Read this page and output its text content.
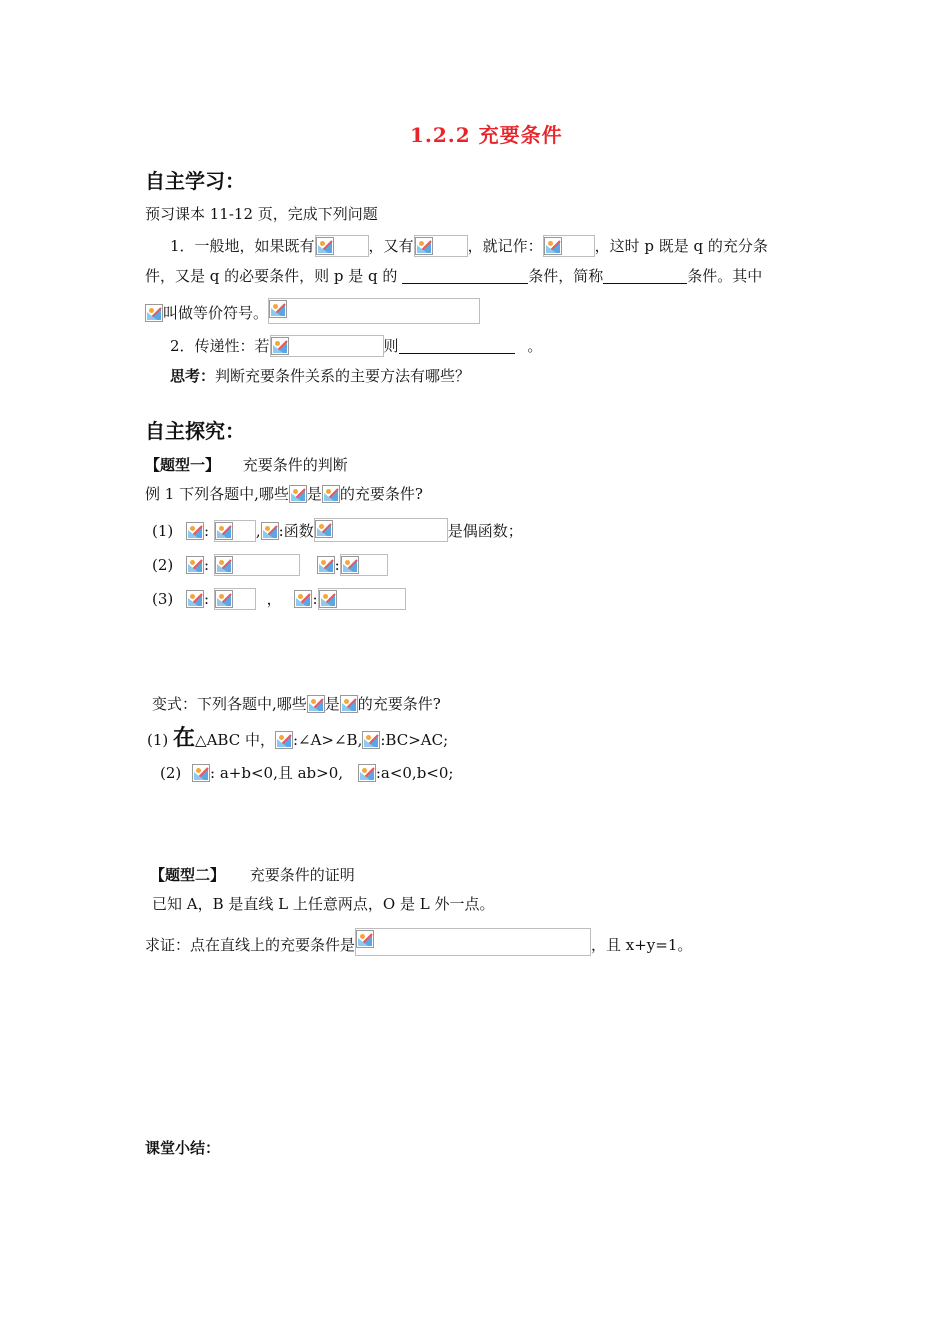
1.2.2 充要条件
自主学习：
预习课本 11-12 页，完成下列问题
1．一般地，如果既有	，又有	，就记作：	，这时 p 既是 q 的充分条
件，又是 q 的必要条件，则 p 是 q 的	条件，简称	条件。其中
叫做等价符号。
2．传递性：若	则	。
思考：判断充要条件关系的主要方法有哪些？
自主探究：
【题型一】 充要条件的判断
例 1 下列各题中,哪些 是 的充要条件?
(1) :	, :函数	是偶函数；
(2) :
	:
(3) :	， :
变式：下列各题中,哪些 是 的充要条件?
(1) 在△ABC 中， :∠A>∠B, :BC>AC;
(2) : a+b<0,且 ab>0, :a<0,b<0;
【题型二】 充要条件的证明
已知 A，B 是直线 L 上任意两点，O 是 L 外一点。
求证：点在直线上的充要条件是	，且 x+y=1。
课堂小结：
